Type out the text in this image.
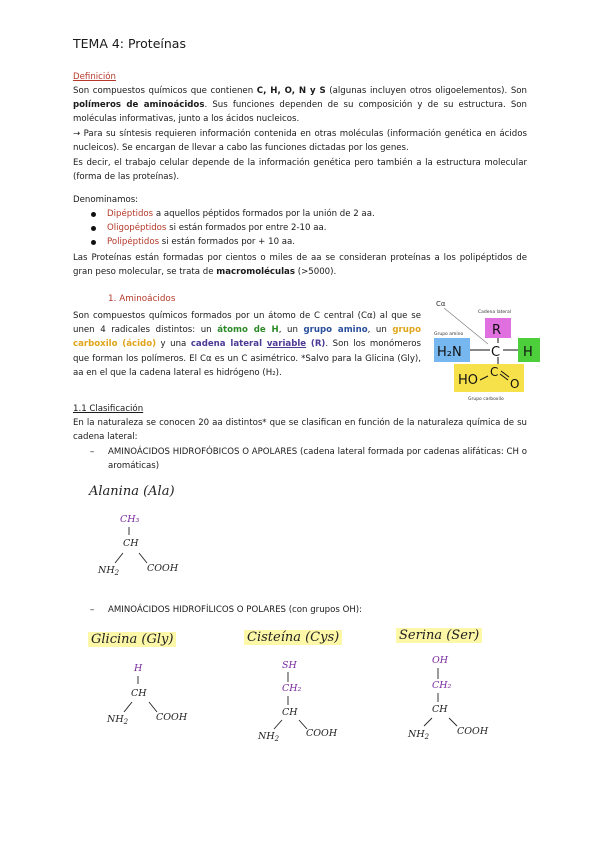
TEMA 4: Proteínas
Definición
Son compuestos químicos que contienen C, H, O, N y S (algunas incluyen otros oligoelementos). Son polímeros de aminoácidos. Sus funciones dependen de su composición y de su estructura. Son moléculas informativas, junto a los ácidos nucleicos.
→ Para su síntesis requieren información contenida en otras moléculas (información genética en ácidos nucleicos). Se encargan de llevar a cabo las funciones dictadas por los genes.
Es decir, el trabajo celular depende de la información genética pero también a la estructura molecular (forma de las proteínas).
Denominamos:
Dipéptidos a aquellos péptidos formados por la unión de 2 aa.
Oligopéptidos si están formados por entre 2-10 aa.
Polipéptidos si están formados por + 10 aa.
Las Proteínas están formadas por cientos o miles de aa se consideran proteínas a los polipéptidos de gran peso molecular, se trata de macromoléculas (>5000).
1. Aminoácidos
Son compuestos químicos formados por un átomo de C central (Cα) al que se unen 4 radicales distintos: un átomo de H, un grupo amino, un grupo carboxilo (ácido) y una cadena lateral variable (R). Son los monómeros que forman los polímeros. El Cα es un C asimétrico. *Salvo para la Glicina (Gly), aa en el que la cadena lateral es hidrógeno (H₂).
Cα
Cadena lateral
Grupo amino R
H₂N C H
HO
C
O
Grupo carboxilo
1.1 Clasificación
En la naturaleza se conocen 20 aa distintos* que se clasifican en función de la naturaleza química de su cadena lateral:
– AMINOÁCIDOS HIDROFÓBICOS O APOLARES (cadena lateral formada por cadenas alifáticas: CH o aromáticas)
Alanina (Ala)
CH₃
CH
$NH_2$	COOH
– AMINOÁCIDOS HIDROFÍLICOS O POLARES (con grupos OH):
Glicina (Gly)
H
CH
$NH_2$	COOH
Cisteína (Cys)
SH
CH₂
CH
$NH_2$	COOH
Serina (Ser)
OH
CH₂
CH
$NH_2$	COOH
